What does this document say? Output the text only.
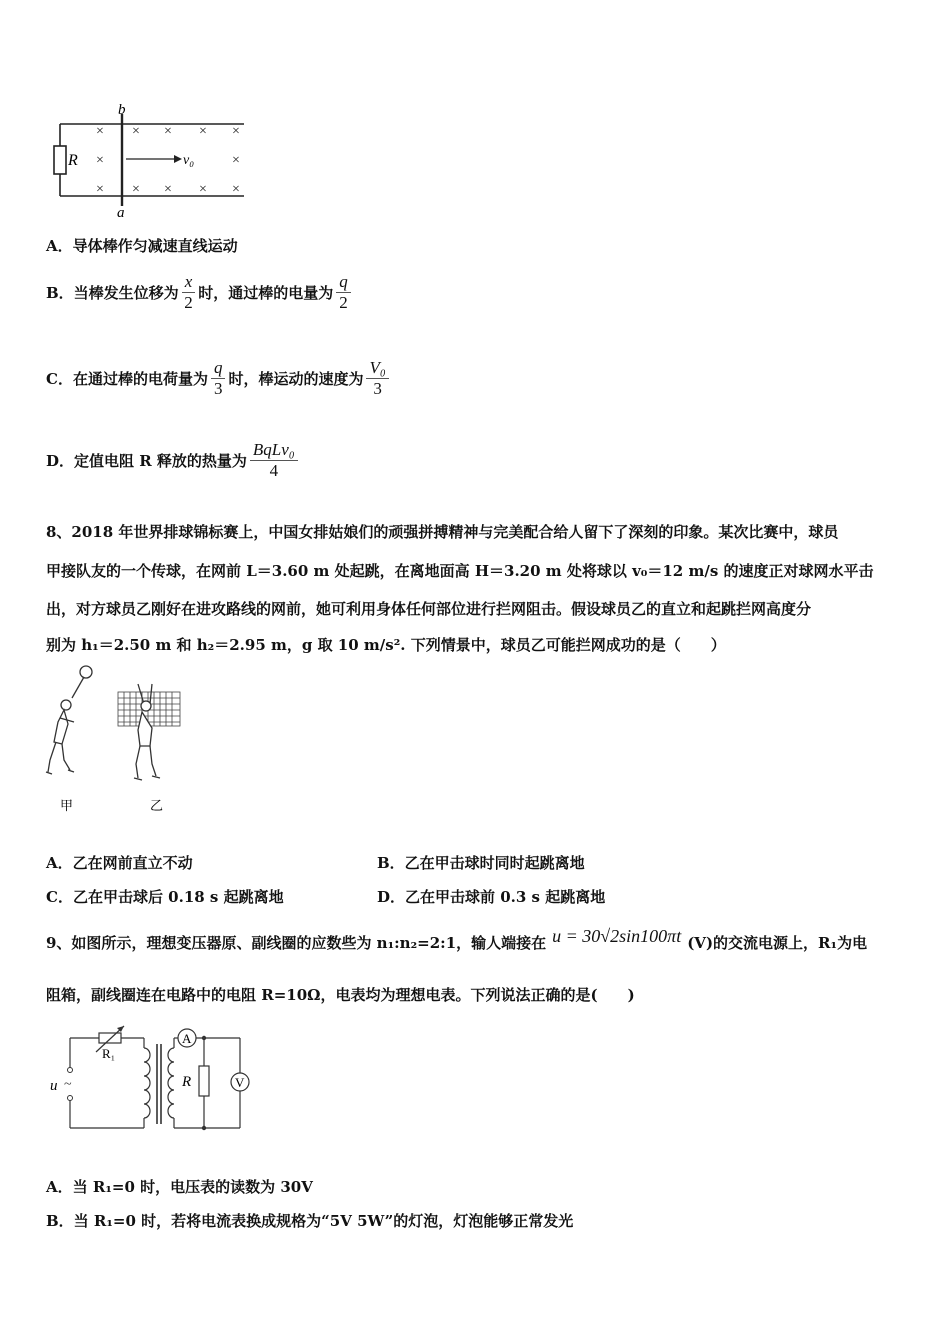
b
a
R	v₀
×
×
×
× × × ×
×
× × × ×
A．导体棒作匀减速直线运动
B．当棒发生位移为 $\frac{x}{2}$ 时，通过棒的电量为 $\frac{q}{2}$
C．在通过棒的电荷量为 $\frac{q}{3}$ 时，棒运动的速度为 $\frac{\text{V₀}}{3}$
D．定值电阻 R 释放的热量为 $\frac{\text{BqLv₀}}{4}$
8、2018 年世界排球锦标赛上，中国女排姑娘们的顽强拼搏精神与完美配合给人留下了深刻的印象。某次比赛中，球员
甲接队友的一个传球，在网前 L＝3.60 m 处起跳，在离地面高 H＝3.20 m 处将球以 v₀＝12 m/s 的速度正对球网水平击
出，对方球员乙刚好在进攻路线的网前，她可利用身体任何部位进行拦网阻击。假设球员乙的直立和起跳拦网高度分
别为 h₁＝2.50 m 和 h₂＝2.95 m，g 取 10 m/s². 下列情景中，球员乙可能拦网成功的是（　　）
甲	乙
A．乙在网前直立不动	B．乙在甲击球时同时起跳离地
C．乙在甲击球后 0.18 s 起跳离地	D．乙在甲击球前 0.3 s 起跳离地
9、如图所示，理想变压器原、副线圈的应数些为 n₁:n₂=2:1，输人端接在 u = 30√2sin100πt (V)的交流电源上，R₁为电
阻箱，副线圈连在电路中的电阻 R=10Ω，电表均为理想电表。下列说法正确的是(　　)
~
u
R₁
R
A
V
A．当 R₁=0 时，电压表的读数为 30V
B．当 R₁=0 时，若将电流表换成规格为“5V 5W”的灯泡，灯泡能够正常发光
